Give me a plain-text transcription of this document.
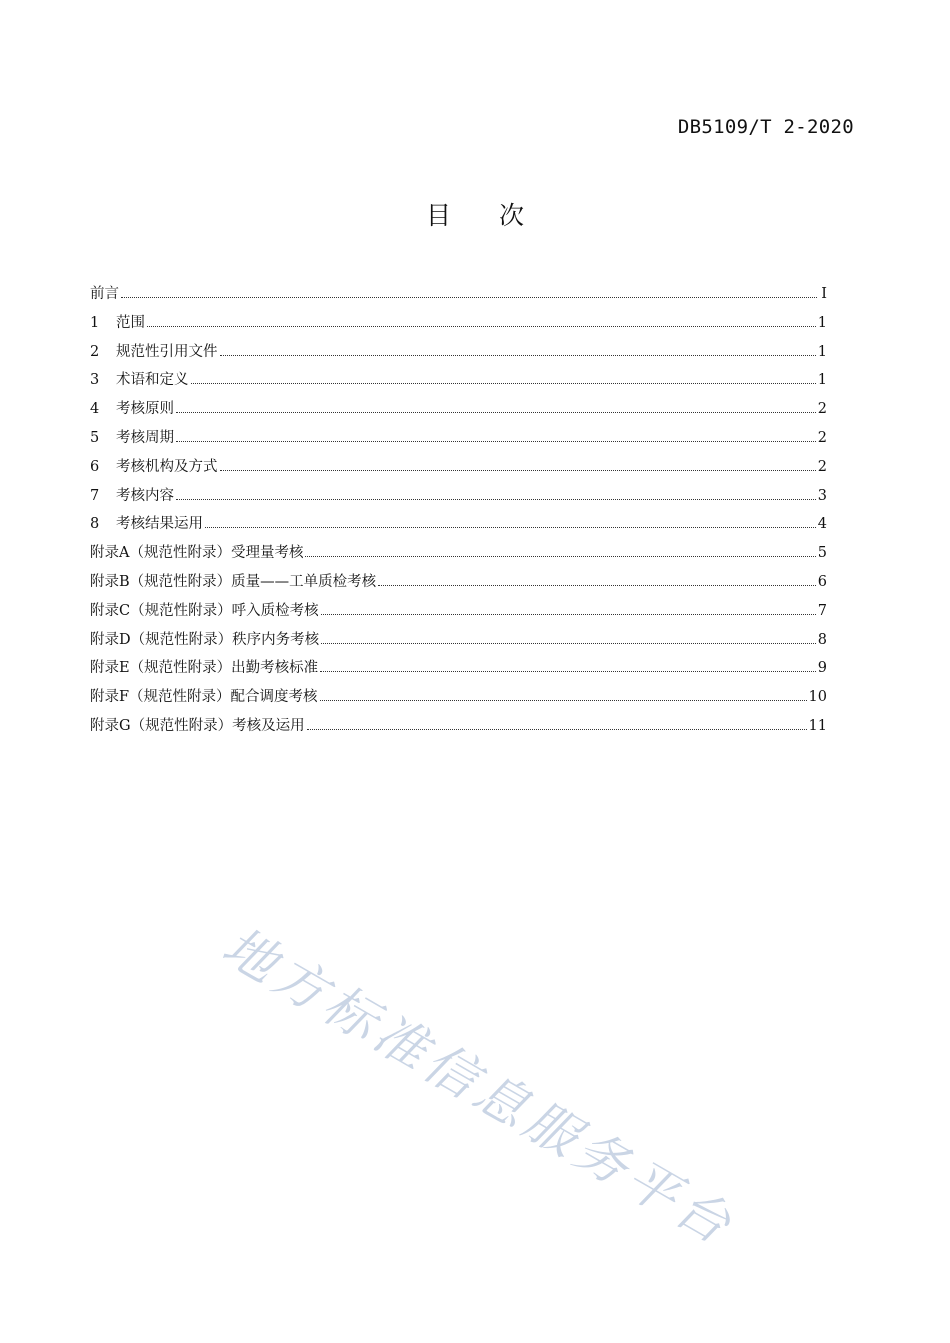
DB5109/T 2-2020
目次
前言	I
1 范围	1
2 规范性引用文件	1
3 术语和定义	1
4 考核原则	2
5 考核周期	2
6 考核机构及方式	2
7 考核内容	3
8 考核结果运用	4
附录A（规范性附录）受理量考核	5
附录B（规范性附录）质量——工单质检考核	6
附录C（规范性附录）呼入质检考核	7
附录D（规范性附录）秩序内务考核	8
附录E（规范性附录）出勤考核标准	9
附录F（规范性附录）配合调度考核	10
附录G（规范性附录）考核及运用	11
地方标准信息服务平台
